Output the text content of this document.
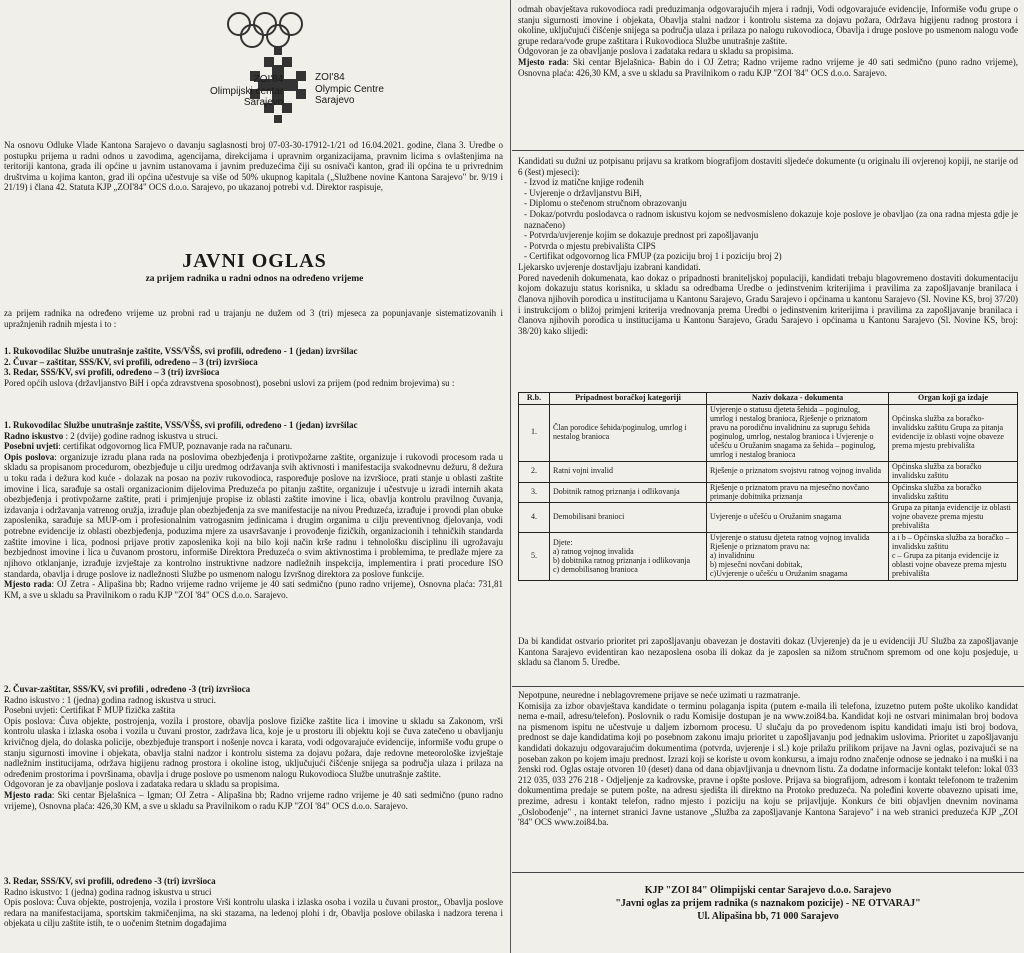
ZOI'84
Olimpijski centar
Sarajevo
ZOI'84
Olympic Centre
Sarajevo

Na osnovu Odluke Vlade Kantona Sarajevo o davanju saglasnosti broj 07-03-30-17912-1/21 od 16.04.2021. godine, člana 3. Uredbe o postupku prijema u radni odnos u zavodima, agencijama, direkcijama i upravnim organizacijama, pravnim licima s ovlaštenjima na teritoriji kantona, grada ili općine u javnim ustanovama i javnim preduzećima čiji su osnivači kanton, grad ili općina te u privrednim društvima u kojima kanton, grad ili općina učestvuje sa više od 50% ukupnog kapitala („Službene novine Kantona Sarajevo" br. 9/19 i 21/19) i člana 42. Statuta KJP „ZOI'84" OCS d.o.o. Sarajevo, po ukazanoj potrebi v.d. Direktor raspisuje,

JAVNI OGLAS
za prijem radnika u radni odnos na određeno vrijeme

za prijem radnika na određeno vrijeme uz probni rad u trajanju ne dužem od 3 (tri) mjeseca za popunjavanje sistematizovanih i upražnjenih radnih mjesta i to :

1. Rukovodilac Službe unutrašnje zaštite, VSS/VŠS, svi profili, određeno - 1 (jedan) izvršilac

2. Čuvar – zaštitar, SSS/KV, svi profili, određeno – 3 (tri) izvršioca

3. Redar, SSS/KV, svi profili, određeno – 3 (tri) izvršioca

Pored općih uslova (državljanstvo BiH i opća zdravstvena sposobnost), posebni uslovi za prijem (pod rednim brojevima) su :

1. Rukovodilac Službe unutrašnje zaštite, VSS/VŠS, svi profili, određeno - 1 (jedan) izvršilac

Radno iskustvo : 2 (dvije) godine radnog iskustva u struci.

Posebni uvjeti: certifikat odgovornog lica FMUP, poznavanje rada na računaru.

Opis poslova: organizuje izradu plana rada na poslovima obezbjeđenja i protivpožarne zaštite, organizuje i rukovodi procesom rada u skladu sa propisanom procedurom, obezbjeđuje u cilju uredmog održavanja svih aktivnosti i manifestacija svakodnevnu dežuru, 8 dežura u toku rada i dežura kod kuće - dolazak na posao na poziv rukovodioca, raspoređuje poslove na izvršioce, prati stanje u oblasti zaštite imovine i lica, sarađuje sa ostali organizacionim dijelovima Preduzeća po pitanju zaštite, organizuje i učestvuje u izradi internih akata obezbjeđenja i protivpožarne zaštite, prati i primjenjuje propise iz oblasti zaštite imovine i lica, obavlja kontrolu pravilnog čuvanja, izdavanja i održavanja vatrenog oružja, izrađuje plan obezbjeđenja za sve manifestacije na nivou Preduzeća, izrađuje i provodi plan obuke zaposlenika, sarađuje sa MUP-om i profesionalnim vatrogasnim jedinicama i drugim organima u cilju preventivnog djelovanja, vodi potrebne evidencije iz oblasti obezbjeđenja, poduzima mjere za usavršavanje i provođenje fizičkih, organizacionih i tehničkih standarda zaštite imovine i lica, podnosi prijave protiv zaposlenika koji na bilo koji način krše radnu i tehnološku disciplinu ili ugrožavaju bezbjednost imovine i lica u čuvanom prostoru, informiše Direktora Preduzeća o svim aktivnostima i problemima, te predlaže mjere za njihovo otklanjanje, izrađuje izvještaje za kontrolno instruktivne nadzore nadležnih inspekcija, implementira i prati procedure ISO standarda, obavlja i druge poslove iz nadležnosti Službe po usmenom nalogu Izvršnog direktora za poslove funkcije.

Mjesto rada: OJ Zetra - Alipašina bb; Radno vrijeme radno vrijeme je 40 sati sedmično (puno radno vrijeme), Osnovna plaća: 731,81 KM, a sve u skladu sa Pravilnikom o radu KJP "ZOI '84" OCS d.o.o. Sarajevo.

2. Čuvar-zaštitar, SSS/KV, svi profili , određeno -3 (tri) izvršioca

Radno iskustvo : 1 (jedna) godina radnog iskustva u struci.

Posebni uvjeti: Certifikat F MUP fizička zaštita

Opis poslova: Čuva objekte, postrojenja, vozila i prostore, obavlja poslove fizičke zaštite lica i imovine u skladu sa Zakonom, vrši kontrolu ulaska i izlaska osoba i vozila u čuvani prostor, zadržava lica, koje je u prostoru ili objektu koji se čuva zatečeno u obavljanju krivičnog djela, do dolaska policije, obezbjeđuje transport i nošenje novca i karata, vodi odgovarajuće evidencije, informiše vođu grupe o stanju sigurnosti imovine i objekata, obavlja stalni nadzor i kontrolu sistema za dojavu požara, daje redovne meteorološke izvještaje nadležnim institucijama, održava higijenu radnog prostora i okoline istog, uključujući čišćenje snijega sa područja ulaza i prilaza na određenim prostorima i površinama, obavlja i druge poslove po usmenom nalogu Rukovodioca Službe unutrašnje zaštite.

Odgovoran je za obavljanje poslova i zadataka redara u skladu sa propisima.

Mjesto rada: Ski centar Bjelašnica – Igman; OJ Zetra - Alipašina bb; Radno vrijeme radno vrijeme je 40 sati sedmično (puno radno vrijeme), Osnovna plaća: 426,30 KM, a sve u skladu sa Pravilnikom o radu KJP "ZOI '84" OCS d.o.o. Sarajevo.

3. Redar, SSS/KV, svi profili, određeno -3 (tri) izvršioca

Radno iskustvo: 1 (jedna) godina radnog iskustva u struci

Opis poslova: Čuva objekte, postrojenja, vozila i prostore Vrši kontrolu ulaska i izlaska osoba i vozila u čuvani prostor,, Obavlja poslove redara na manifestacijama, sportskim takmičenjima, na ski stazama, na ledenoj plohi i dr, Obavlja poslove obilaska i nadzora terena i objekata u cilju zaštite istih, te o uočenim štetnim događajima

odmah obavještava rukovodioca radi preduzimanja odgovarajućih mjera i radnji, Vodi odgovarajuće evidencije, Informiše vođu grupe o stanju sigurnosti imovine i objekata, Obavlja stalni nadzor i kontrolu sistema za dojavu požara, Održava higijenu radnog prostora i okoline, uključujući čišćenje snijega sa područja ulaza i prilaza po nalogu rukovodioca, Obavlja i druge poslove po usmenom nalogu vođe grupe redara/vođe grupe zaštitara i Rukovodioca Službe unutrašnje zaštite.

Odgovoran je za obavljanje poslova i zadataka redara u skladu sa propisima.

Mjesto rada: Ski centar Bjelašnica- Babin do i OJ Zetra; Radno vrijeme radno vrijeme je 40 sati sedmično (puno radno vrijeme), Osnovna plaća: 426,30 KM, a sve u skladu sa Pravilnikom o radu KJP "ZOI '84" OCS d.o.o. Sarajevo.

Kandidati su dužni uz potpisanu prijavu sa kratkom biografijom dostaviti sljedeće dokumente (u originalu ili ovjerenoj kopiji, ne starije od 6 (šest) mjeseci):

- Izvod iz matične knjige rođenih
- Uvjerenje o državljanstvu BiH,
- Diplomu o stečenom stručnom obrazovanju
- Dokaz/potvrdu poslodavca o radnom iskustvu kojom se nedvosmisleno dokazuje koje poslove je obavljao (za ona radna mjesta gdje je naznačeno)
- Potvrda/uvjerenje kojim se dokazuje prednost pri zapošljavanju
- Potvrda o mjestu prebivališta CIPS
- Certifikat odgovornog lica FMUP (za poziciju broj 1 i poziciju broj 2)

Ljekarsko uvjerenje dostavljaju izabrani kandidati.

Pored navedenih dokumenata, kao dokaz o pripadnosti braniteljskoj populaciji, kandidati trebaju blagovremeno dostaviti dokumentaciju kojom dokazuju status korisnika, u skladu sa odredbama Uredbe o jedinstvenim kriterijima i pravilima za zapošljavanje branilaca i članova njihovih porodica u institucijama u Kantonu Sarajevo, Gradu Sarajevo i općinama u kantonu Sarajevo (Sl. Novine KS, broj 37/20) i instrukcijom o bližoj primjeni kriterija vrednovanja prema Uredbi o jedinstvenim kriterijima i pravilima za zapošljavanje branilaca i članova njihovih porodica u institucijama u Kantonu Sarajevo, Gradu Sarajevo i općinama u Kantonu Sarajevo (Sl. Novine KS, broj: 38/20) kako slijedi:

R.b.	Pripadnost boračkoj kategoriji	Naziv dokaza - dokumenta	Organ koji ga izdaje
1.	Član porodice šehida/poginulog, umrlog i nestalog branioca	Uvjerenje o statusu djeteta šehida – poginulog, umrlog i nestalog branioca, Rješenje o priznatom pravu na porodičnu invalidninu za suprugu šehida poginulog, umrlog, nestalog branioca i Uvjerenje o učešću u Oružanim snagama za šehida – poginulog, umrlog i nestalog branioca	Općinska služba za boračko-invalidsku zaštitu Grupa za pitanja evidencije iz oblasti vojne obaveze prema mjestu prebivališta
2.	Ratni vojni invalid	Rješenje o priznatom svojstvu ratnog vojnog invalida	Općinska služba za boračko invalidsku zaštitu
3.	Dobitnik ratnog priznanja i odlikovanja	Rješenje o priznatom pravu na mjesečno novčano primanje dobitnika priznanja	Općinska služba za boračko invalidsku zaštitu
4.	Demobilisani branioci	Uvjerenje o učešću u Oružanim snagama	Grupa za pitanja evidencije iz oblasti vojne obaveze prema mjestu prebivališta
5.	Djete:
a) ratnog vojnog invalida
b) dobitnika ratnog priznanja i odlikovanja
c) demobilisanog branioca	Uvjerenje o statusu djeteta ratnog vojnog invalida
Rješenje o priznatom pravu na:
a) invalidninu
b) mjesečni novčani dobitak,
c)Uvjerenje o učešću u Oružanim snagama	a i b – Općinska služba za boračko – invalidsku zaštitu
c – Grupa za pitanja evidencije iz oblasti vojne obaveze prema mjestu prebivališta

Da bi kandidat ostvario prioritet pri zapošljavanju obavezan je dostaviti dokaz (Uvjerenje) da je u evidenciji JU Služba za zapošljavanje Kantona Sarajevo evidentiran kao nezaposlena osoba ili dokaz da je zaposlen sa nižom stručnom spremom od one koju posjeduje, u skladu sa članom 5. Uredbe.

Nepotpune, neuredne i neblagovremene prijave se neće uzimati u razmatranje.

Komisija za izbor obavještava kandidate o terminu polaganja ispita (putem e-maila ili telefona, izuzetno putem pošte ukoliko kandidat nema e-mail, adresu/telefon). Poslovnik o radu Komisije dostupan je na www.zoi84.ba. Kandidat koji ne ostvari minimalan broj bodova na pismenom ispitu ne učestvuje u daljem izbornom procesu. U slučaju da po provedenom ispitu kandidati imaju isti broj bodova, prednost se daje kandidatima koji po posebnom zakonu imaju prioritet u zapošljavanju pod jednakim uslovima. Prioritet u zapošljavanju kandidati dokazuju odgovarajućim dokumentima (potvrda, uvjerenje i sl.) koje prilažu prilikom prijave na Javni oglas, pozivajući se na poseban zakon po kojem imaju prednost. Izrazi koji se koriste u ovom konkursu, a imaju rodno značenje odnose se jednako i na muški i na ženski rod. Oglas ostaje otvoren 10 (deset) dana od dana objavljivanja u dnevnom listu. Za dodatne informacije kontakt telefon: lokal 033 212 035, 033 276 218 - Odjeljenje za kadrovske, pravne i opšte poslove. Prijava sa biografijom, adresom i kontakt telefonom te traženim dokumentima predaje se putem pošte, na adresu sjedišta ili direktno na Protoko preduzeća. Na poleđini koverte obavezno upisati ime, prezime, adresu i kontakt telefon, radno mjesto i poziciju na koju se prijavljuje. Konkurs će biti objavljen dnevnim novinama „Oslobođenje" , na internet stranici Javne ustanove „Služba za zapošljavanje Kantona Sarajevo" i na web stranici preduzeća KJP „ZOI '84" OCS www.zoi84.ba.

KJP "ZOI 84" Olimpijski centar Sarajevo d.o.o. Sarajevo
"Javni oglas za prijem radnika (s naznakom pozicije) - NE OTVARAJ"
Ul. Alipašina bb, 71 000 Sarajevo
